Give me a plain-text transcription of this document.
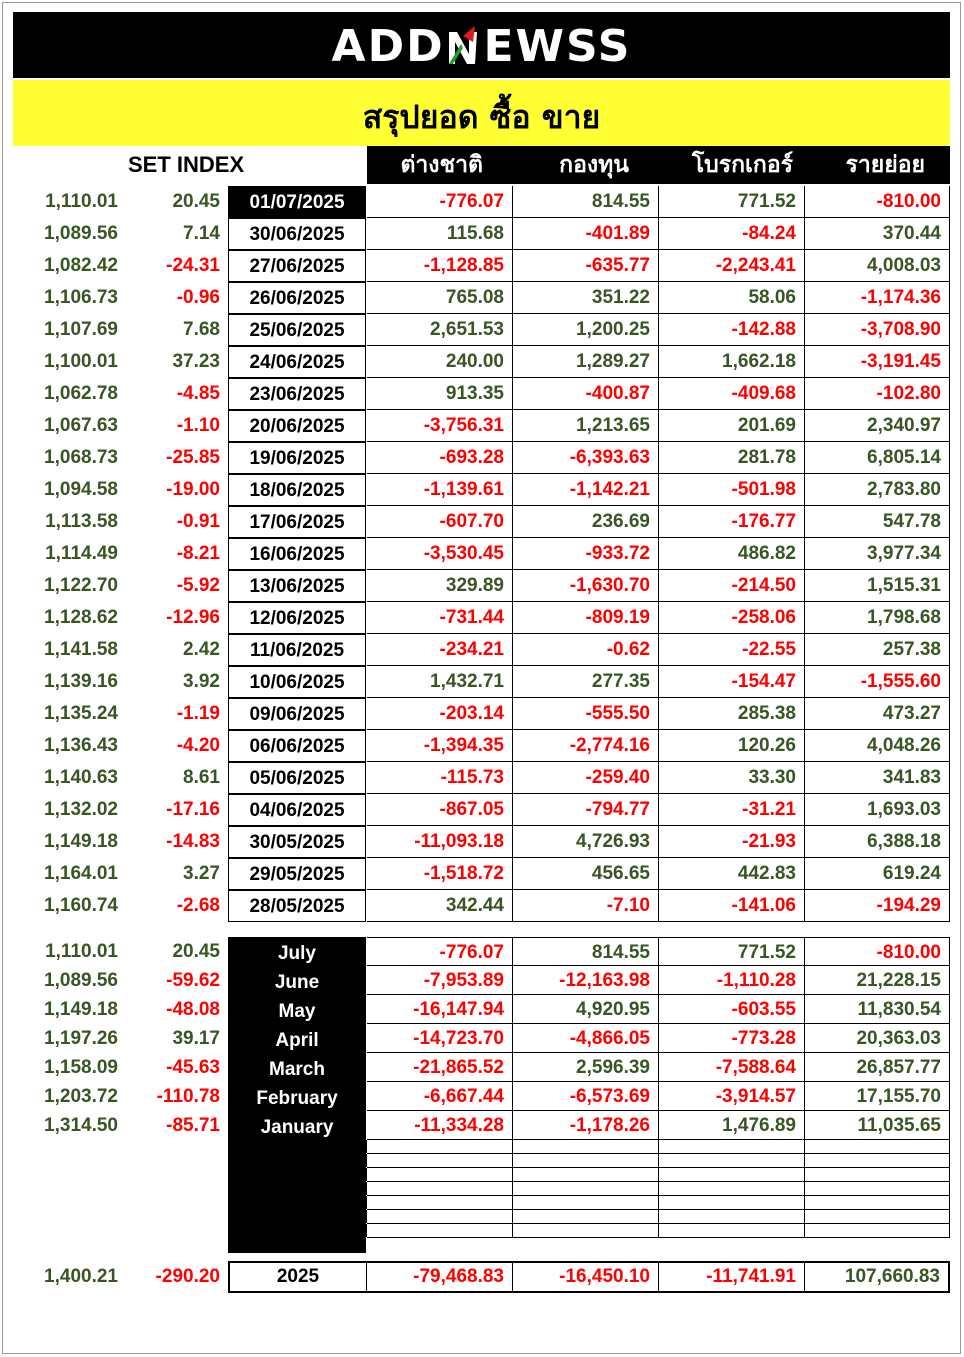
ADD EWSS
สรุปยอด ซื้อ ขาย
SET INDEX	ต่างชาติ	กองทุน	โบรกเกอร์	รายย่อย
1,110.01	20.45	01/07/2025	-776.07	814.55	771.52	-810.00
1,089.56	7.14	30/06/2025	115.68	-401.89	-84.24	370.44
1,082.42	-24.31	27/06/2025	-1,128.85	-635.77	-2,243.41	4,008.03
1,106.73	-0.96	26/06/2025	765.08	351.22	58.06	-1,174.36
1,107.69	7.68	25/06/2025	2,651.53	1,200.25	-142.88	-3,708.90
1,100.01	37.23	24/06/2025	240.00	1,289.27	1,662.18	-3,191.45
1,062.78	-4.85	23/06/2025	913.35	-400.87	-409.68	-102.80
1,067.63	-1.10	20/06/2025	-3,756.31	1,213.65	201.69	2,340.97
1,068.73	-25.85	19/06/2025	-693.28	-6,393.63	281.78	6,805.14
1,094.58	-19.00	18/06/2025	-1,139.61	-1,142.21	-501.98	2,783.80
1,113.58	-0.91	17/06/2025	-607.70	236.69	-176.77	547.78
1,114.49	-8.21	16/06/2025	-3,530.45	-933.72	486.82	3,977.34
1,122.70	-5.92	13/06/2025	329.89	-1,630.70	-214.50	1,515.31
1,128.62	-12.96	12/06/2025	-731.44	-809.19	-258.06	1,798.68
1,141.58	2.42	11/06/2025	-234.21	-0.62	-22.55	257.38
1,139.16	3.92	10/06/2025	1,432.71	277.35	-154.47	-1,555.60
1,135.24	-1.19	09/06/2025	-203.14	-555.50	285.38	473.27
1,136.43	-4.20	06/06/2025	-1,394.35	-2,774.16	120.26	4,048.26
1,140.63	8.61	05/06/2025	-115.73	-259.40	33.30	341.83
1,132.02	-17.16	04/06/2025	-867.05	-794.77	-31.21	1,693.03
1,149.18	-14.83	30/05/2025	-11,093.18	4,726.93	-21.93	6,388.18
1,164.01	3.27	29/05/2025	-1,518.72	456.65	442.83	619.24
1,160.74	-2.68	28/05/2025	342.44	-7.10	-141.06	-194.29
1,110.01	20.45	July	-776.07	814.55	771.52	-810.00
1,089.56	-59.62	June	-7,953.89	-12,163.98	-1,110.28	21,228.15
1,149.18	-48.08	May	-16,147.94	4,920.95	-603.55	11,830.54
1,197.26	39.17	April	-14,723.70	-4,866.05	-773.28	20,363.03
1,158.09	-45.63	March	-21,865.52	2,596.39	-7,588.64	26,857.77
1,203.72	-110.78	February	-6,667.44	-6,573.69	-3,914.57	17,155.70
1,314.50	-85.71	January	-11,334.28	-1,178.26	1,476.89	11,035.65
1,400.21	-290.20	2025	-79,468.83	-16,450.10	-11,741.91	107,660.83
